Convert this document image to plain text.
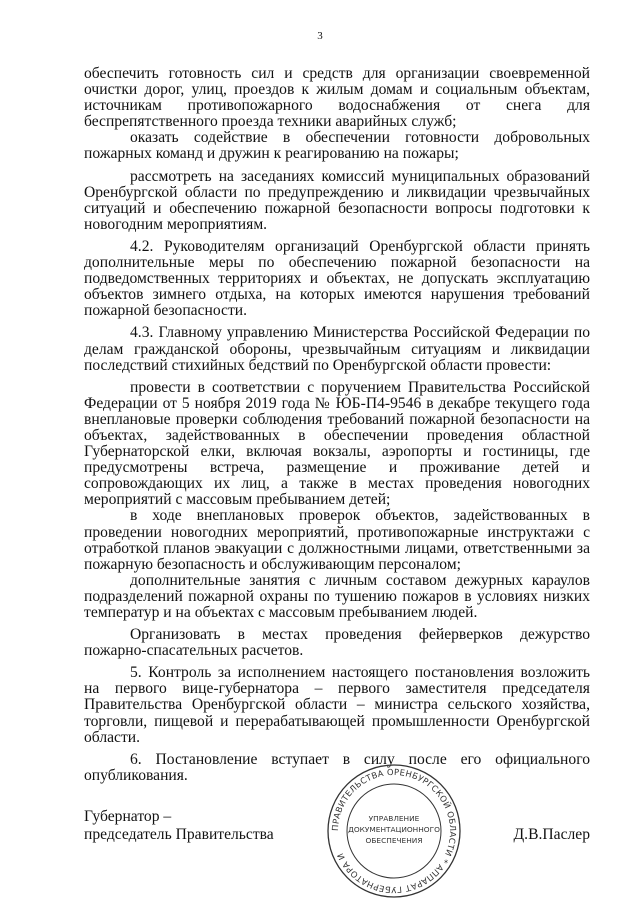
3

обеспечить готовность сил и средств для организации своевременной очистки дорог, улиц, проездов к жилым домам и социальным объектам, источникам противопожарного водоснабжения от снега для беспрепятственного проезда техники аварийных служб;

оказать содействие в обеспечении готовности добровольных пожарных команд и дружин к реагированию на пожары;

рассмотреть на заседаниях комиссий муниципальных образований Оренбургской области по предупреждению и ликвидации чрезвычайных ситуаций и обеспечению пожарной безопасности вопросы подготовки к новогодним мероприятиям.

4.2. Руководителям организаций Оренбургской области принять дополнительные меры по обеспечению пожарной безопасности на подведомственных территориях и объектах, не допускать эксплуатацию объектов зимнего отдыха, на которых имеются нарушения требований пожарной безопасности.

4.3. Главному управлению Министерства Российской Федерации по делам гражданской обороны, чрезвычайным ситуациям и ликвидации последствий стихийных бедствий по Оренбургской области провести:

провести в соответствии с поручением Правительства Российской Федерации от 5 ноября 2019 года № ЮБ-П4-9546 в декабре текущего года внеплановые проверки соблюдения требований пожарной безопасности на объектах, задействованных в обеспечении проведения областной Губернаторской елки, включая вокзалы, аэропорты и гостиницы, где предусмотрены встреча, размещение и проживание детей и сопровождающих их лиц, а также в местах проведения новогодних мероприятий с массовым пребыванием детей;

в ходе внеплановых проверок объектов, задействованных в проведении новогодних мероприятий, противопожарные инструктажи с отработкой планов эвакуации с должностными лицами, ответственными за пожарную безопасность и обслуживающим персоналом;

дополнительные занятия с личным составом дежурных караулов подразделений пожарной охраны по тушению пожаров в условиях низких температур и на объектах с массовым пребыванием людей.

Организовать в местах проведения фейерверков дежурство пожарно-спасательных расчетов.

5. Контроль за исполнением настоящего постановления возложить на первого вице-губернатора – первого заместителя председателя Правительства Оренбургской области – министра сельского хозяйства, торговли, пищевой и перерабатывающей промышленности Оренбургской области.

6. Постановление вступает в силу после его официального опубликования.

Губернатор –
председатель Правительства	Д.В.Паслер
ПРАВИТЕЛЬСТВА ОРЕНБУРГСКОЙ ОБЛАСТИ * АППАРАТ ГУБЕРНАТОРА И
УПРАВЛЕНИЕ
ДОКУМЕНТАЦИОННОГО
ОБЕСПЕЧЕНИЯ
